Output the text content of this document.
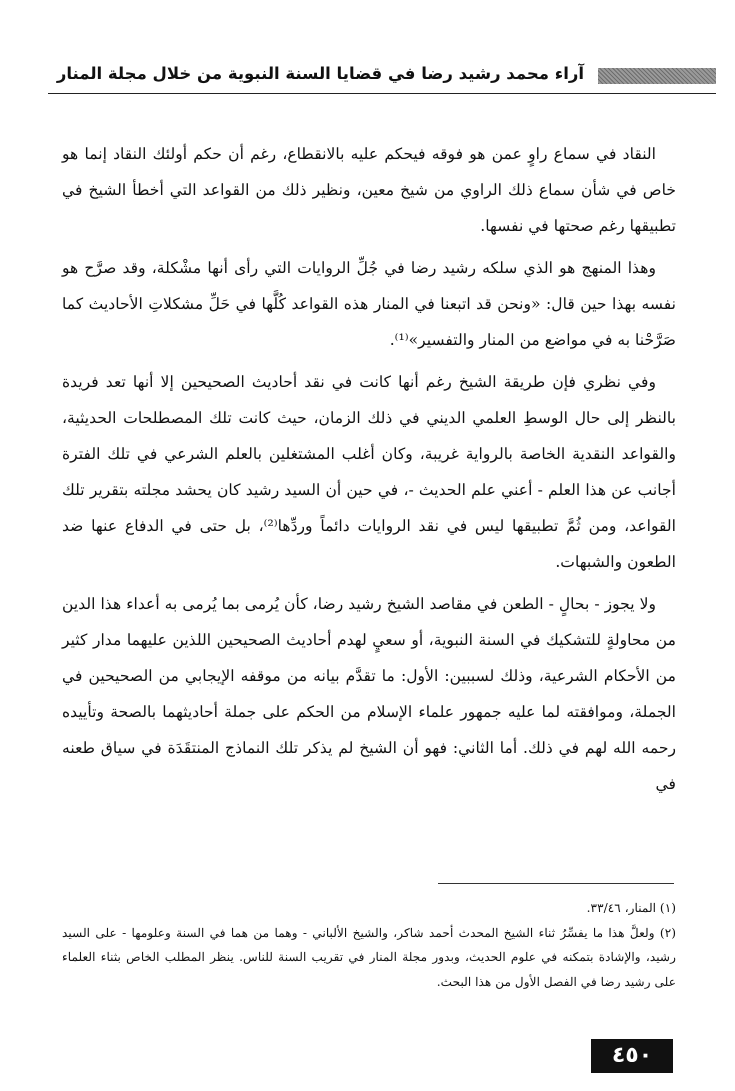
آراء محمد رشيد رضا في قضايا السنة النبوية من خلال مجلة المنار

النقاد في سماع راوٍ عمن هو فوقه فيحكم عليه بالانقطاع، رغم أن حكم أولئك النقاد إنما هو خاص في شأن سماع ذلك الراوي من شيخ معين، ونظير ذلك من القواعد التي أخطأ الشيخ في تطبيقها رغم صحتها في نفسها.

وهذا المنهج هو الذي سلكه رشيد رضا في جُلِّ الروايات التي رأى أنها مشْكلة، وقد صرَّح هو نفسه بهذا حين قال: «ونحن قد اتبعنا في المنار هذه القواعد كُلَّها في حَلِّ مشكلاتِ الأحاديث كما صَرَّحْنا به في مواضع من المنار والتفسير»⁽¹⁾.

وفي نظري فإن طريقة الشيخ رغم أنها كانت في نقد أحاديث الصحيحين إلا أنها تعد فريدة بالنظر إلى حال الوسطِ العلمي الديني في ذلك الزمان، حيث كانت تلك المصطلحات الحديثية، والقواعد النقدية الخاصة بالرواية غريبة، وكان أغلب المشتغلين بالعلم الشرعي في تلك الفترة أجانب عن هذا العلم - أعني علم الحديث -، في حين أن السيد رشيد كان يحشد مجلته بتقرير تلك القواعد، ومن ثُمَّ تطبيقها ليس في نقد الروايات دائماً وردِّها⁽²⁾، بل حتى في الدفاع عنها ضد الطعون والشبهات.

ولا يجوز - بحالٍ - الطعن في مقاصد الشيخ رشيد رضا، كأن يُرمى بما يُرمى به أعداء هذا الدين من محاولةٍ للتشكيك في السنة النبوية، أو سعيٍ لهدم أحاديث الصحيحين اللذين عليهما مدار كثير من الأحكام الشرعية، وذلك لسببين: الأول: ما تقدَّم بيانه من موقفه الإيجابي من الصحيحين في الجملة، وموافقته لما عليه جمهور علماء الإسلام من الحكم على جملة أحاديثهما بالصحة وتأييده رحمه الله لهم في ذلك. أما الثاني: فهو أن الشيخ لم يذكر تلك النماذج المنتقَدَة في سياق طعنه في

(١) المنار، ٣٣/٤٦.

(٢) ولعلَّ هذا ما يفسِّرُ ثناء الشيخ المحدث أحمد شاكر، والشيخ الألباني - وهما من هما في السنة وعلومها - على السيد رشيد، والإشادة بتمكنه في علوم الحديث، وبدور مجلة المنار في تقريب السنة للناس. ينظر المطلب الخاص بثناء العلماء على رشيد رضا في الفصل الأول من هذا البحث.

٤٥٠
